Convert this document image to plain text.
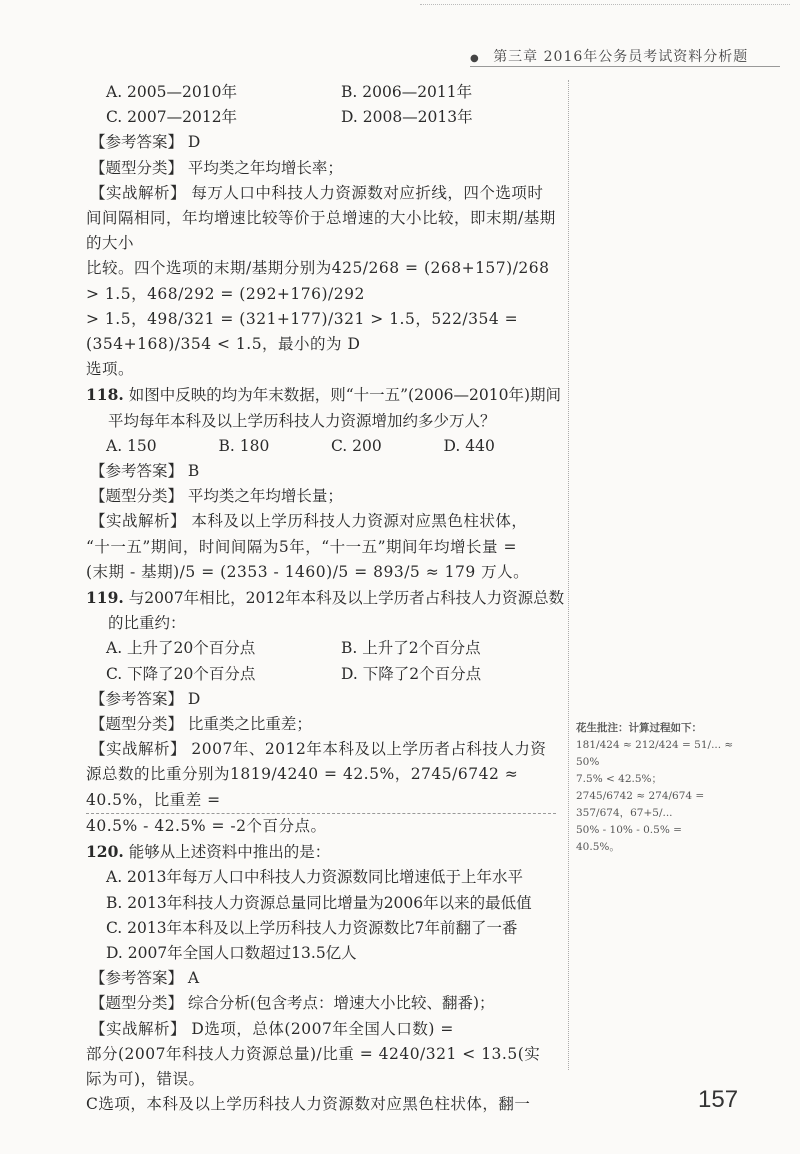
● 第三章 2016年公务员考试资料分析题
A. 2005—2010年	B. 2006—2011年
C. 2007—2012年	D. 2008—2013年
【参考答案】 D
【题型分类】 平均类之年均增长率；
【实战解析】 每万人口中科技人力资源数对应折线，四个选项时
间间隔相同，年均增速比较等价于总增速的大小比较，即末期/基期的大小
比较。四个选项的末期/基期分别为425/268 = (268+157)/268 > 1.5，468/292 = (292+176)/292
> 1.5，498/321 = (321+177)/321 > 1.5，522/354 = (354+168)/354 < 1.5，最小的为 D
选项。
118. 如图中反映的均为年末数据，则“十一五”(2006—2010年)期间
平均每年本科及以上学历科技人力资源增加约多少万人？
A. 150	B. 180	C. 200	D. 440
【参考答案】 B
【题型分类】 平均类之年均增长量；
【实战解析】 本科及以上学历科技人力资源对应黑色柱状体，
“十一五”期间，时间间隔为5年，“十一五”期间年均增长量 =
(末期 - 基期)/5 = (2353 - 1460)/5 = 893/5 ≈ 179 万人。
119. 与2007年相比，2012年本科及以上学历者占科技人力资源总数
的比重约：
A. 上升了20个百分点	B. 上升了2个百分点
C. 下降了20个百分点	D. 下降了2个百分点
【参考答案】 D
【题型分类】 比重类之比重差；
【实战解析】 2007年、2012年本科及以上学历者占科技人力资
源总数的比重分别为1819/4240 = 42.5%，2745/6742 ≈ 40.5%，比重差 =
40.5% - 42.5% = -2个百分点。
120. 能够从上述资料中推出的是：
A. 2013年每万人口中科技人力资源数同比增速低于上年水平
B. 2013年科技人力资源总量同比增量为2006年以来的最低值
C. 2013年本科及以上学历科技人力资源数比7年前翻了一番
D. 2007年全国人口数超过13.5亿人
【参考答案】 A
【题型分类】 综合分析(包含考点：增速大小比较、翻番)；
【实战解析】 D选项，总体(2007年全国人口数) =
部分(2007年科技人力资源总量)/比重 = 4240/321 < 13.5(实际为可)，错误。
C选项，本科及以上学历科技人力资源数对应黑色柱状体，翻一
花生批注：计算过程如下：
181/424 ≈ 212/424 = 51/... ≈ 50%
7.5% < 42.5%；
2745/6742 ≈ 274/674 = 357/674，67+5/...
50% - 10% - 0.5% =
40.5%。
157
